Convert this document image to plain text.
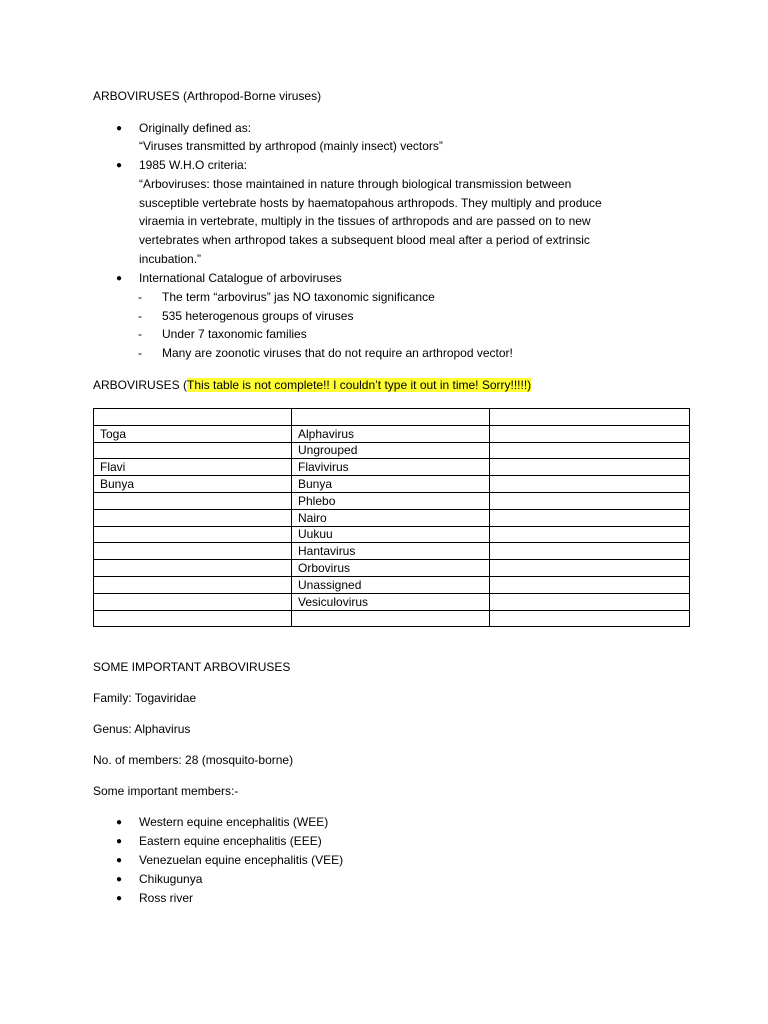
ARBOVIRUSES (Arthropod-Borne viruses)
● Originally defined as:
“Viruses transmitted by arthropod (mainly insect) vectors”
● 1985 W.H.O criteria:
“Arboviruses: those maintained in nature through biological transmission between
susceptible vertebrate hosts by haematopahous arthropods. They multiply and produce
viraemia in vertebrate, multiply in the tissues of arthropods and are passed on to new
vertebrates when arthropod takes a subsequent blood meal after a period of extrinsic
incubation.”
● International Catalogue of arboviruses
- The term “arbovirus” jas NO taxonomic significance
- 535 heterogenous groups of viruses
- Under 7 taxonomic families
- Many are zoonotic viruses that do not require an arthropod vector!
ARBOVIRUSES (This table is not complete!! I couldn’t type it out in time! Sorry!!!!!)

Toga	Alphavirus	
	Ungrouped	
Flavi	Flavivirus	
Bunya	Bunya	
	Phlebo	
	Nairo	
	Uukuu	
	Hantavirus	
	Orbovirus	
	Unassigned	
	Vesiculovirus	

SOME IMPORTANT ARBOVIRUSES
Family: Togaviridae
Genus: Alphavirus
No. of members: 28 (mosquito-borne)
Some important members:-
● Western equine encephalitis (WEE)
● Eastern equine encephalitis (EEE)
● Venezuelan equine encephalitis (VEE)
● Chikugunya
● Ross river
